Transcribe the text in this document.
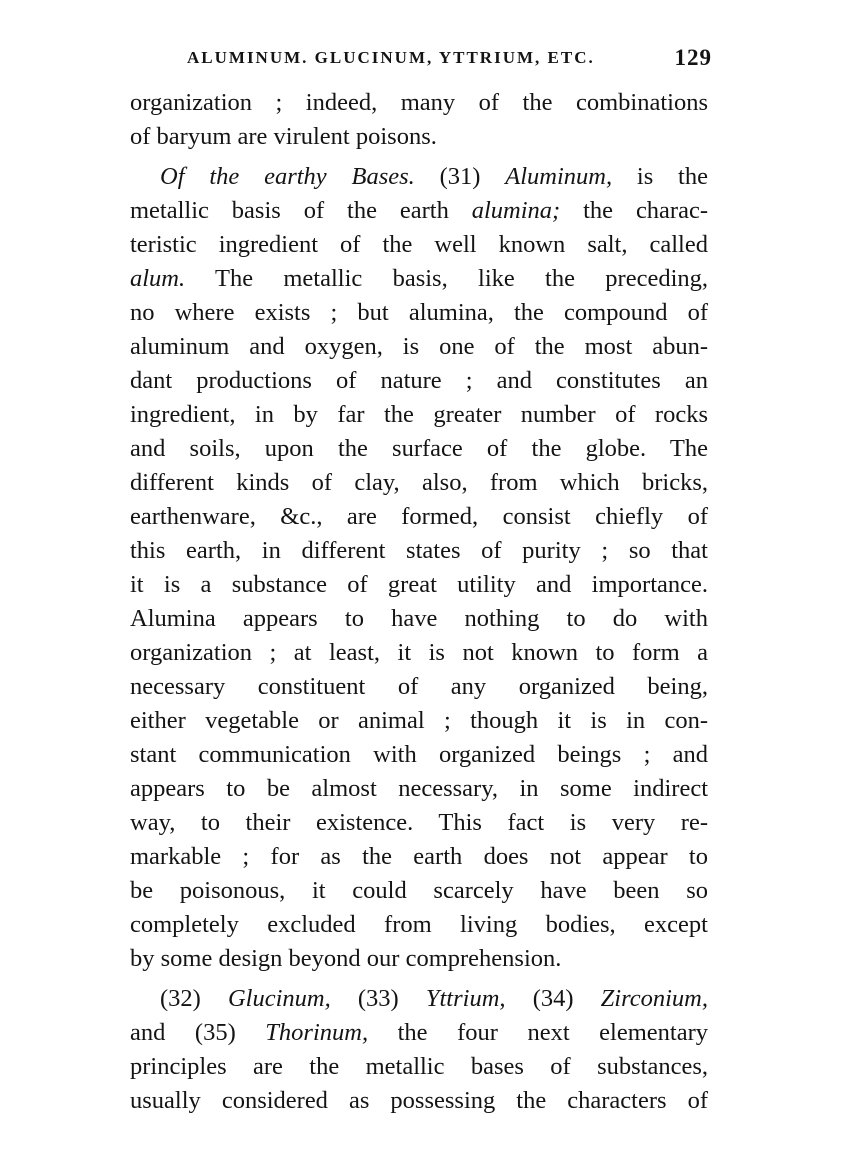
ALUMINUM. GLUCINUM, YTTRIUM, ETC.	129
organization ; indeed, many of the combinations
of baryum are virulent poisons.
Of the earthy Bases. (31) Aluminum, is the
metallic basis of the earth alumina; the charac-
teristic ingredient of the well known salt, called
alum. The metallic basis, like the preceding,
no where exists ; but alumina, the compound of
aluminum and oxygen, is one of the most abun-
dant productions of nature ; and constitutes an
ingredient, in by far the greater number of rocks
and soils, upon the surface of the globe. The
different kinds of clay, also, from which bricks,
earthenware, &c., are formed, consist chiefly of
this earth, in different states of purity ; so that
it is a substance of great utility and importance.
Alumina appears to have nothing to do with
organization ; at least, it is not known to form a
necessary constituent of any organized being,
either vegetable or animal ; though it is in con-
stant communication with organized beings ; and
appears to be almost necessary, in some indirect
way, to their existence. This fact is very re-
markable ; for as the earth does not appear to
be poisonous, it could scarcely have been so
completely excluded from living bodies, except
by some design beyond our comprehension.
(32) Glucinum, (33) Yttrium, (34) Zirconium,
and (35) Thorinum, the four next elementary
principles are the metallic bases of substances,
usually considered as possessing the characters of
